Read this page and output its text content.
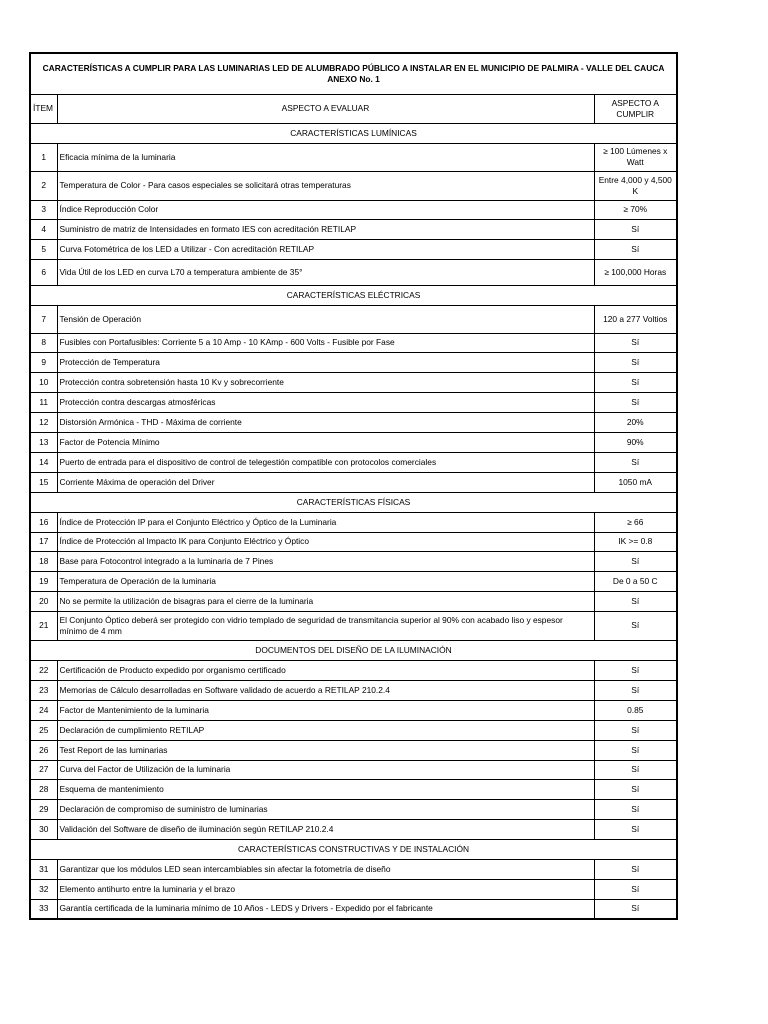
CARACTERÍSTICAS A CUMPLIR PARA LAS LUMINARIAS LED DE ALUMBRADO PÚBLICO A INSTALAR EN EL MUNICIPIO DE PALMIRA - VALLE DEL CAUCA
ANEXO No. 1		

ÍTEM	ASPECTO A EVALUAR	ASPECTO A CUMPLIR
CARACTERÍSTICAS LUMÍNICAS		
1	Eficacia mínima de la luminaria	≥ 100 Lúmenes x Watt
2	Temperatura de Color - Para casos especiales se solicitará otras temperaturas	Entre 4,000 y 4,500 K
3	Índice Reproducción Color	≥ 70%
4	Suministro de matriz de Intensidades en formato IES con acreditación RETILAP	Sí
5	Curva Fotométrica de los LED a Utilizar - Con acreditación RETILAP	Sí
6	Vida Útil de los LED en curva L70 a temperatura ambiente de 35°	≥ 100,000 Horas
CARACTERÍSTICAS ELÉCTRICAS		
7	Tensión de Operación	120 a 277 Voltios
8	Fusibles con Portafusibles: Corriente 5 a 10 Amp - 10 KAmp - 600 Volts - Fusible por Fase	Sí
9	Protección de Temperatura	Sí
10	Protección contra sobretensión hasta 10 Kv y sobrecorriente	Sí
11	Protección contra descargas atmosféricas	Sí
12	Distorsión Armónica - THD - Máxima de corriente	20%
13	Factor de Potencia Mínimo	90%
14	Puerto de entrada para el dispositivo de control de telegestión compatible con protocolos comerciales	Sí
15	Corriente Máxima de operación del Driver	1050 mA
CARACTERÍSTICAS FÍSICAS		
16	Índice de Protección IP para el Conjunto Eléctrico y Óptico de la Luminaria	≥ 66
17	Índice de Protección al Impacto IK para Conjunto Eléctrico y Óptico	IK >= 0.8
18	Base para Fotocontrol integrado a la luminaria de 7 Pines	Sí
19	Temperatura de Operación de la luminaria	De 0 a 50 C
20	No se permite la utilización de bisagras para el cierre de la luminaria	Sí
21	El Conjunto Óptico deberá ser protegido con vidrio templado de seguridad de transmitancia superior al 90% con acabado liso y espesor mínimo de 4 mm	Sí
DOCUMENTOS DEL DISEÑO DE LA ILUMINACIÓN		
22	Certificación de Producto expedido por organismo certificado	Sí
23	Memorias de Cálculo desarrolladas en Software validado de acuerdo a RETILAP 210.2.4	Sí
24	Factor de Mantenimiento de la luminaria	0.85
25	Declaración de cumplimiento RETILAP	Sí
26	Test Report de las luminarias	Sí
27	Curva del Factor de Utilización de la luminaria	Sí
28	Esquema de mantenimiento	Sí
29	Declaración de compromiso de suministro de luminarias	Sí
30	Validación del Software de diseño de iluminación según RETILAP 210.2.4	Sí
CARACTERÍSTICAS CONSTRUCTIVAS Y DE INSTALACIÓN		
31	Garantizar que los módulos LED sean intercambiables sin afectar la fotometría de diseño	Sí
32	Elemento antihurto entre la luminaria y el brazo	Sí
33	Garantía certificada de la luminaria mínimo de 10 Años - LEDS y Drivers - Expedido por el fabricante	Sí
